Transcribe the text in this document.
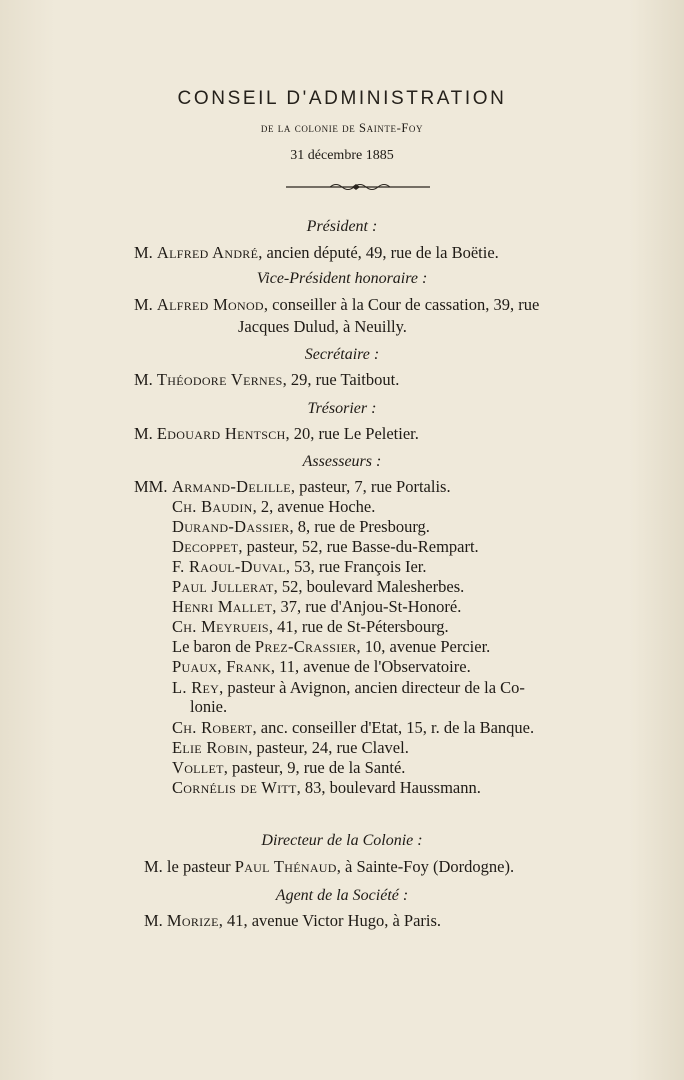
CONSEIL D'ADMINISTRATION
de la colonie de Sainte-Foy
31 décembre 1885
Président :
M. Alfred André, ancien député, 49, rue de la Boëtie.
Vice-Président honoraire :
M. Alfred Monod, conseiller à la Cour de cassation, 39, rue
Jacques Dulud, à Neuilly.
Secrétaire :
M. Théodore Vernes, 29, rue Taitbout.
Trésorier :
M. Edouard Hentsch, 20, rue Le Peletier.
Assesseurs :
MM. Armand-Delille, pasteur, 7, rue Portalis.
Ch. Baudin, 2, avenue Hoche.
Durand-Dassier, 8, rue de Presbourg.
Decoppet, pasteur, 52, rue Basse-du-Rempart.
F. Raoul-Duval, 53, rue François Ier.
Paul Jullerat, 52, boulevard Malesherbes.
Henri Mallet, 37, rue d'Anjou-St-Honoré.
Ch. Meyrueis, 41, rue de St-Pétersbourg.
Le baron de Prez-Crassier, 10, avenue Percier.
Puaux, Frank, 11, avenue de l'Observatoire.
L. Rey, pasteur à Avignon, ancien directeur de la Co-
lonie.
Ch. Robert, anc. conseiller d'Etat, 15, r. de la Banque.
Elie Robin, pasteur, 24, rue Clavel.
Vollet, pasteur, 9, rue de la Santé.
Cornélis de Witt, 83, boulevard Haussmann.
Directeur de la Colonie :
M. le pasteur Paul Thénaud, à Sainte-Foy (Dordogne).
Agent de la Société :
M. Morize, 41, avenue Victor Hugo, à Paris.
